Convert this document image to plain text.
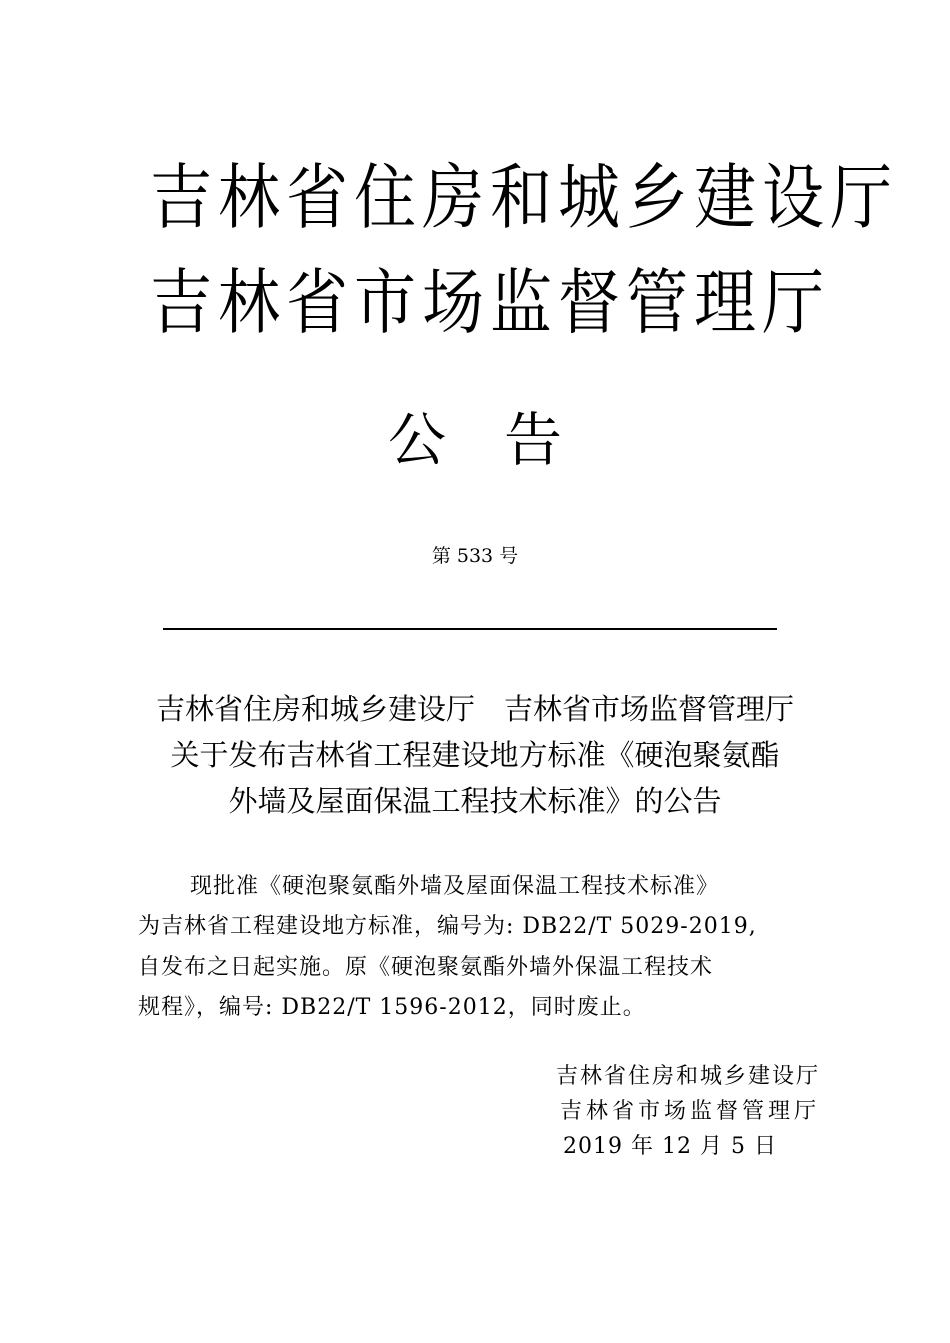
吉林省住房和城乡建设厅
吉林省市场监督管理厅
公　告
第 533 号
吉林省住房和城乡建设厅　吉林省市场监督管理厅
关于发布吉林省工程建设地方标准《硬泡聚氨酯
外墙及屋面保温工程技术标准》的公告
现批准《硬泡聚氨酯外墙及屋面保温工程技术标准》
为吉林省工程建设地方标准，编号为: DB22/T 5029-2019,
自发布之日起实施。原《硬泡聚氨酯外墙外保温工程技术
规程》，编号: DB22/T 1596-2012，同时废止。
吉林省住房和城乡建设厅
吉林省市场监督管理厅
2019 年 12 月 5 日
